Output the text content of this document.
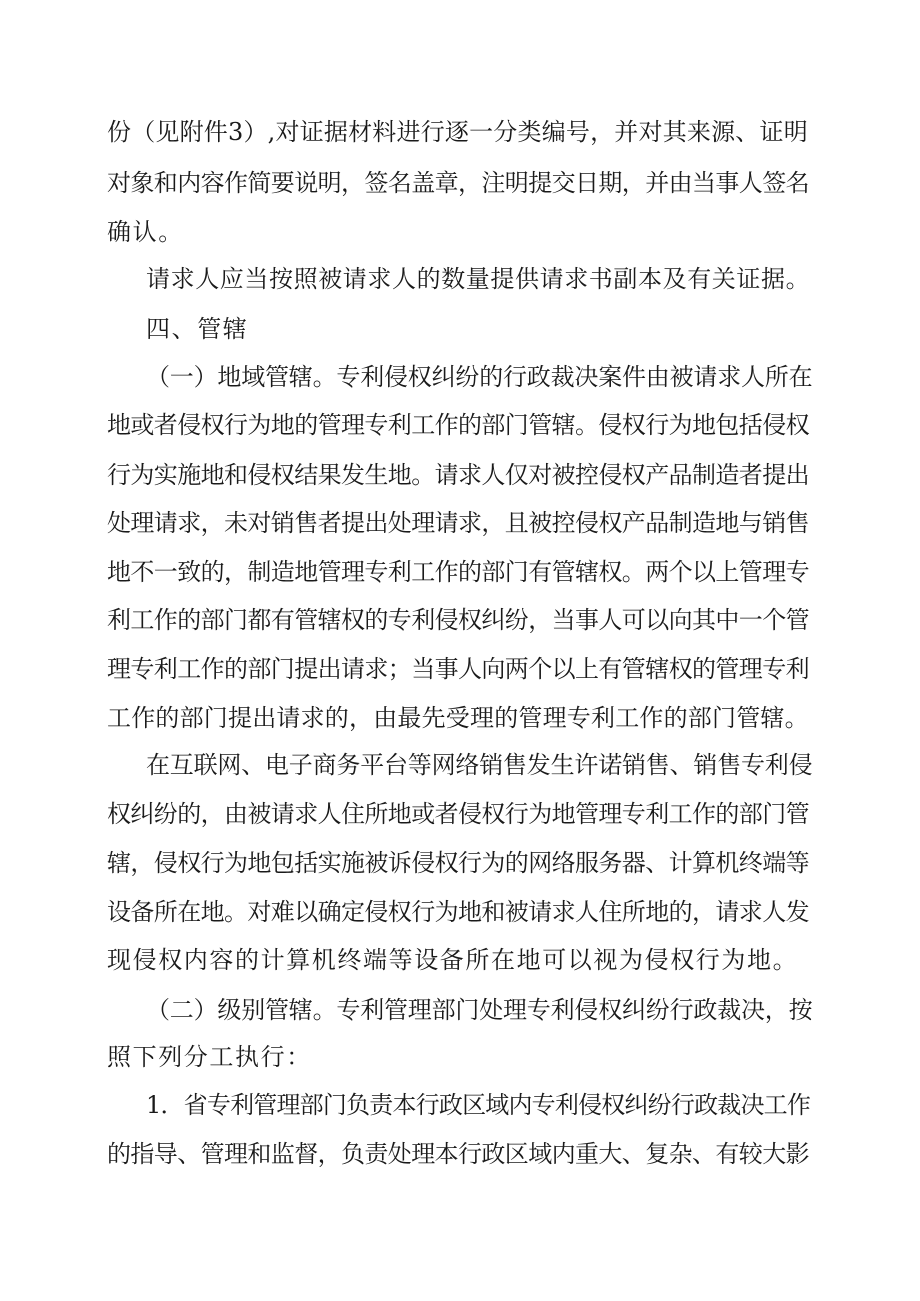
份（见附件3）,对证据材料进行逐一分类编号，并对其来源、证明
对象和内容作简要说明，签名盖章，注明提交日期，并由当事人签名
确认。
请求人应当按照被请求人的数量提供请求书副本及有关证据。
四、管辖
（一）地域管辖。专利侵权纠纷的行政裁决案件由被请求人所在
地或者侵权行为地的管理专利工作的部门管辖。侵权行为地包括侵权
行为实施地和侵权结果发生地。请求人仅对被控侵权产品制造者提出
处理请求，未对销售者提出处理请求，且被控侵权产品制造地与销售
地不一致的，制造地管理专利工作的部门有管辖权。两个以上管理专
利工作的部门都有管辖权的专利侵权纠纷，当事人可以向其中一个管
理专利工作的部门提出请求；当事人向两个以上有管辖权的管理专利
工作的部门提出请求的，由最先受理的管理专利工作的部门管辖。
在互联网、电子商务平台等网络销售发生许诺销售、销售专利侵
权纠纷的，由被请求人住所地或者侵权行为地管理专利工作的部门管
辖，侵权行为地包括实施被诉侵权行为的网络服务器、计算机终端等
设备所在地。对难以确定侵权行为地和被请求人住所地的，请求人发
现侵权内容的计算机终端等设备所在地可以视为侵权行为地。
（二）级别管辖。专利管理部门处理专利侵权纠纷行政裁决，按
照下列分工执行：
1．省专利管理部门负责本行政区域内专利侵权纠纷行政裁决工作
的指导、管理和监督，负责处理本行政区域内重大、复杂、有较大影
